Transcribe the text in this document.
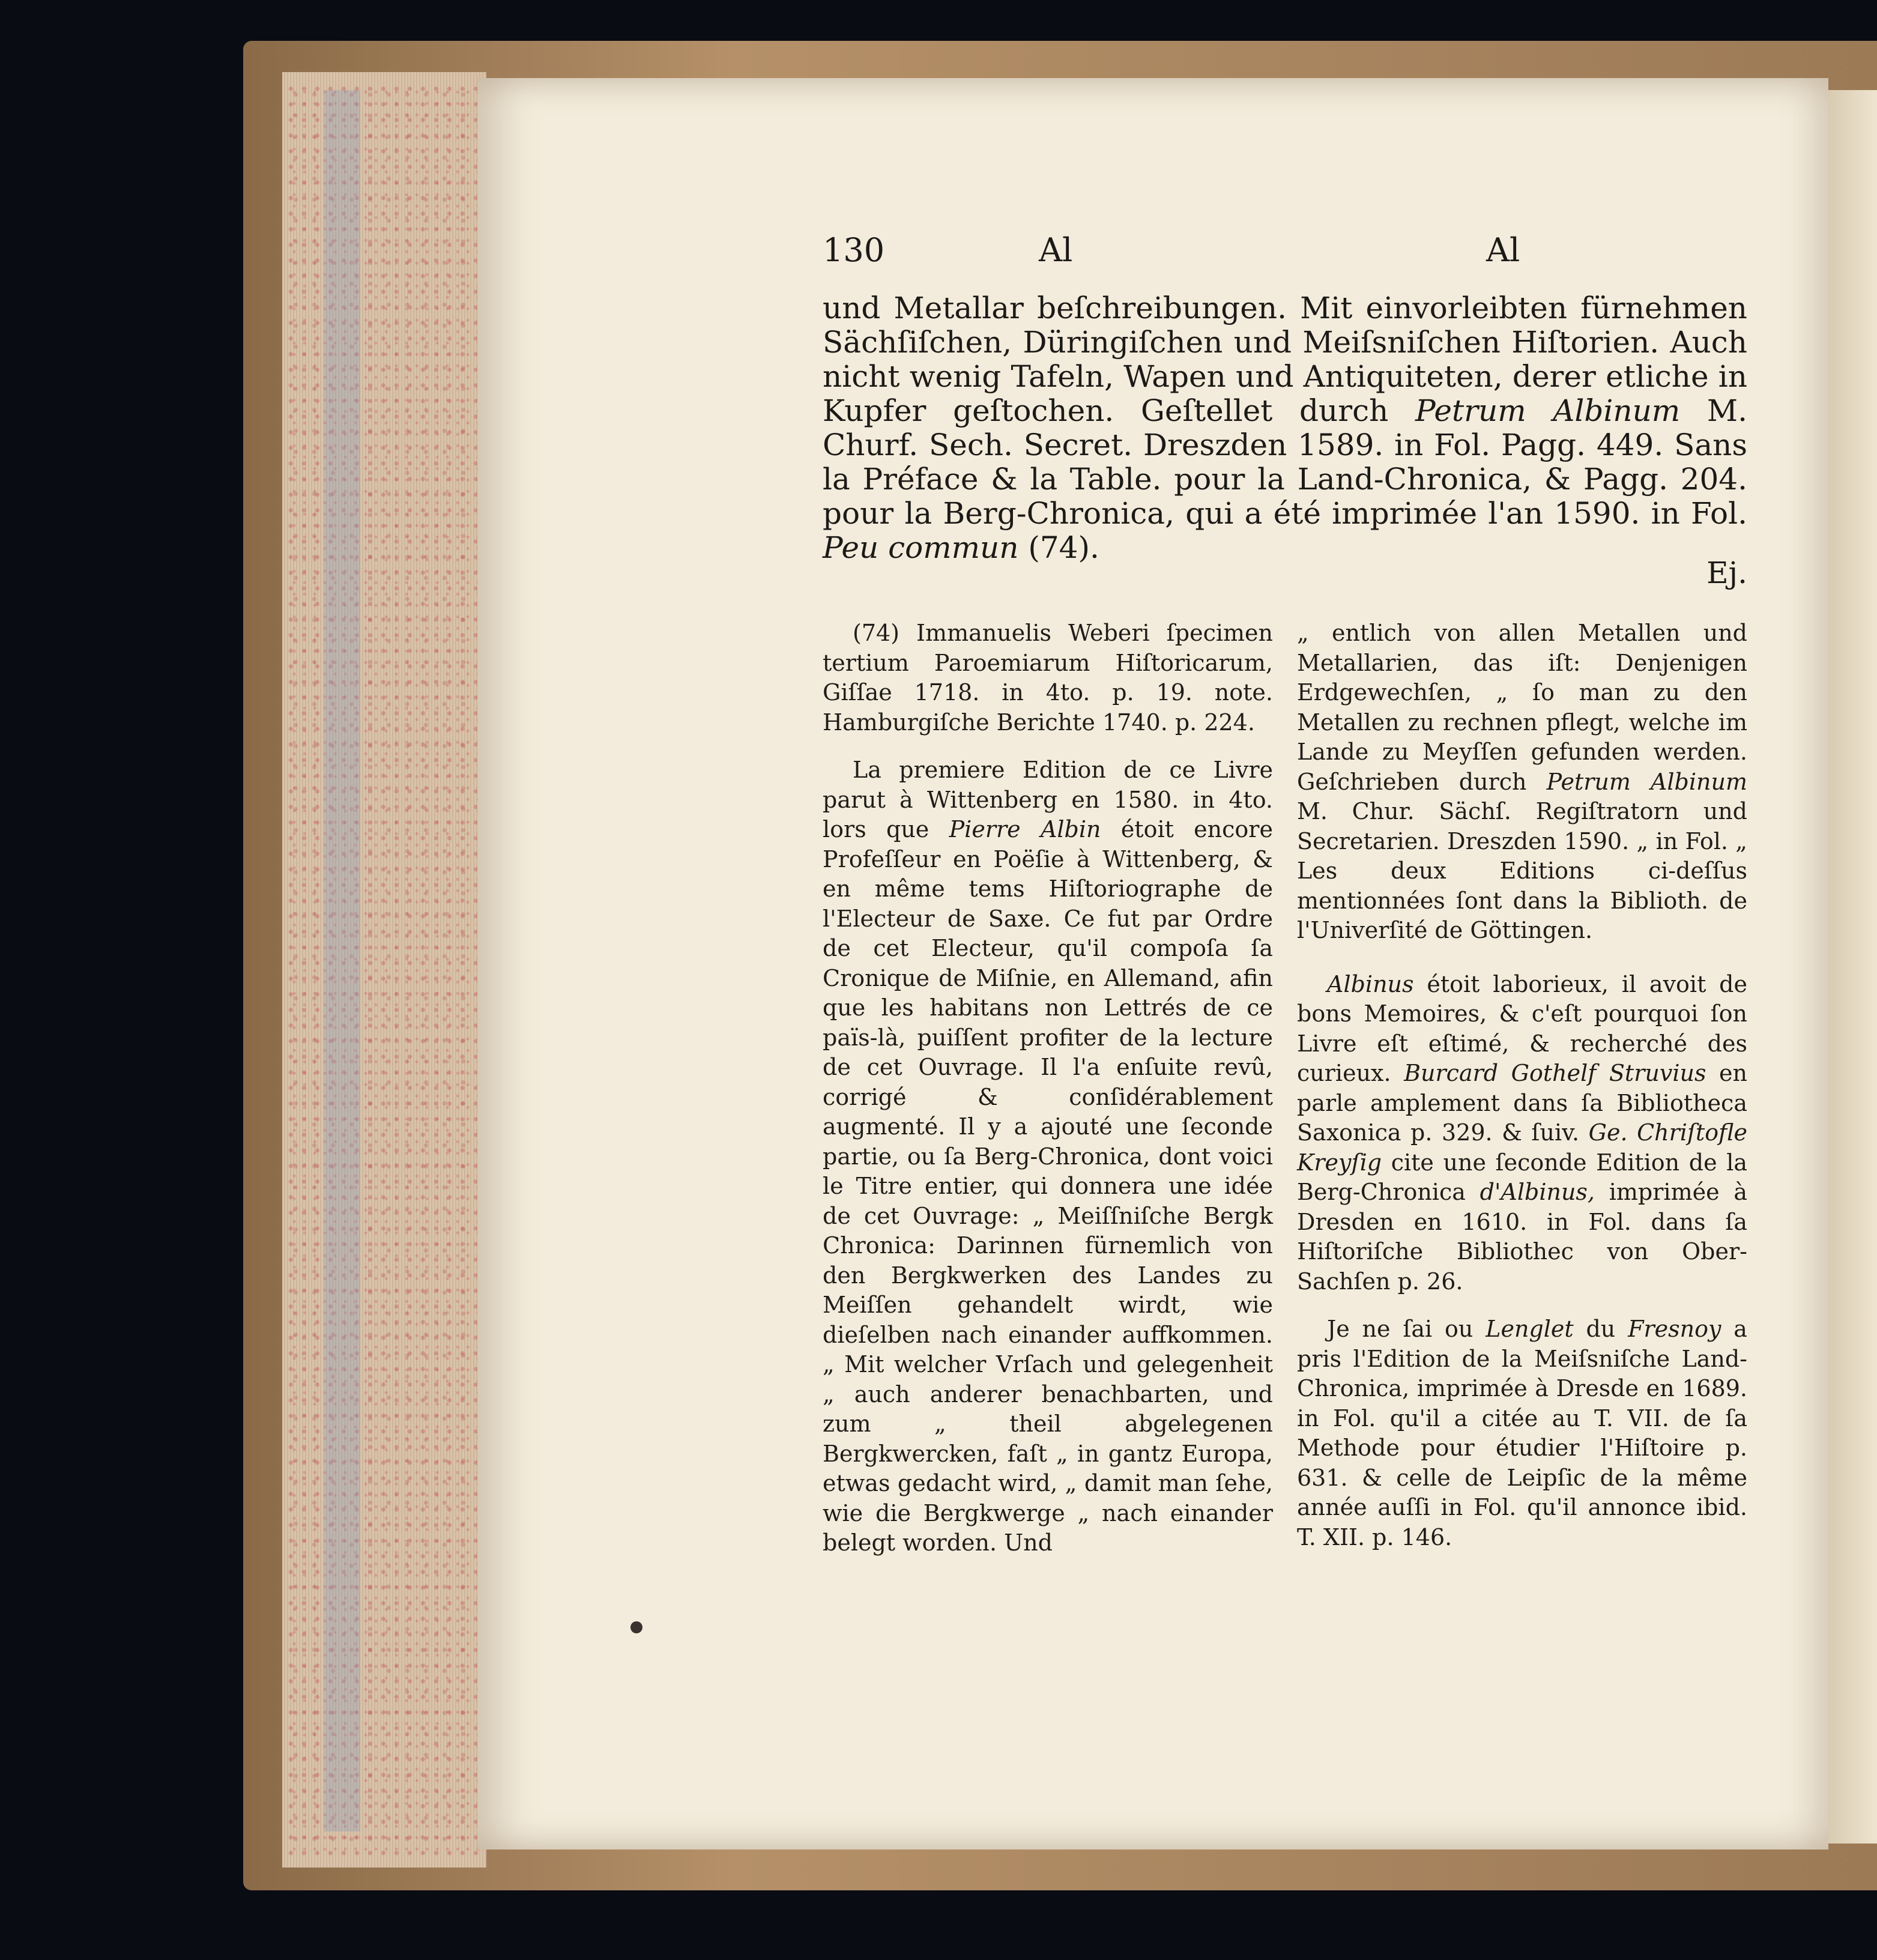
130	Al	Al

und Metallar beſchreibungen. Mit einvorleibten fürnehmen Sächſiſchen, Düringiſchen und Meiſsniſchen Hiſtorien. Auch nicht wenig Tafeln, Wapen und Antiquiteten, derer etliche in Kupfer geſtochen. Geſtellet durch Petrum Albinum M. Churf. Sech. Secret. Dreszden 1589. in Fol. Pagg. 449. Sans la Préface & la Table. pour la Land-Chronica, & Pagg. 204. pour la Berg-Chronica, qui a été imprimée l'an 1590. in Fol. Peu commun (74).

Ej.

(74) Immanuelis Weberi ſpecimen tertium Paroemiarum Hiſtoricarum, Giſſae 1718. in 4to. p. 19. note. Hamburgiſche Berichte 1740. p. 224.

La premiere Edition de ce Livre parut à Wittenberg en 1580. in 4to. lors que Pierre Albin étoit encore Profeſſeur en Poëſie à Wittenberg, & en même tems Hiſtoriographe de l'Electeur de Saxe. Ce fut par Ordre de cet Electeur, qu'il compoſa ſa Cronique de Miſnie, en Allemand, afin que les habitans non Lettrés de ce païs-là, puiſſent profiter de la lecture de cet Ouvrage. Il l'a enſuite revû, corrigé & conſidérablement augmenté. Il y a ajouté une ſeconde partie, ou ſa Berg-Chronica, dont voici le Titre entier, qui donnera une idée de cet Ouvrage: „ Meiſſniſche Bergk Chronica: Darinnen fürnemlich von den Bergkwerken des Landes zu Meiſſen gehandelt wirdt, wie dieſelben nach einander auffkommen. „ Mit welcher Vrſach und gelegenheit „ auch anderer benachbarten, und zum „ theil abgelegenen Bergkwercken, faſt „ in gantz Europa, etwas gedacht wird, „ damit man ſehe, wie die Bergkwerge „ nach einander belegt worden. Und

„ entlich von allen Metallen und Metallarien, das iſt: Denjenigen Erdgewechſen, „ ſo man zu den Metallen zu rechnen pflegt, welche im Lande zu Meyſſen gefunden werden. Geſchrieben durch Petrum Albinum M. Chur. Sächſ. Regiſtratorn und Secretarien. Dreszden 1590. „ in Fol. „ Les deux Editions ci-deſſus mentionnées ſont dans la Biblioth. de l'Univerſité de Göttingen.

Albinus étoit laborieux, il avoit de bons Memoires, & c'eſt pourquoi ſon Livre eſt eſtimé, & recherché des curieux. Burcard Gothelf Struvius en parle amplement dans ſa Bibliotheca Saxonica p. 329. & ſuiv. Ge. Chriſtofle Kreyſig cite une ſeconde Edition de la Berg-Chronica d'Albinus, imprimée à Dresden en 1610. in Fol. dans ſa Hiſtoriſche Bibliothec von Ober-Sachſen p. 26.

Je ne ſai ou Lenglet du Fresnoy a pris l'Edition de la Meiſsniſche Land-Chronica, imprimée à Dresde en 1689. in Fol. qu'il a citée au T. VII. de ſa Methode pour étudier l'Hiſtoire p. 631. & celle de Leipſic de la même année auſſi in Fol. qu'il annonce ibid. T. XII. p. 146.
